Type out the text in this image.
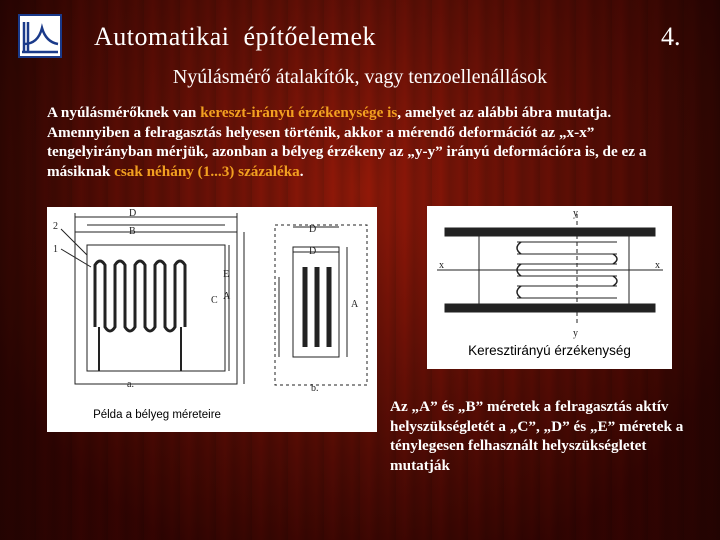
Automatikai  építőelemek	4.
Nyúlásmérő átalakítók, vagy tenzoellenállások
A nyúlásmérőknek van kereszt-irányú érzékenysége is, amelyet az alábbi ábra mutatja. Amennyiben a felragasztás helyesen történik, akkor a mérendő deformációt az „x-x” tengelyirányban mérjük, azonban a bélyeg érzékeny az „y-y” irányú deformációra is, de ez a másiknak csak néhány (1...3) százaléka.
D
B
2
1
D
D
E
A
C	A
a.	b.
Példa a bélyeg méreteire
y
y
x	x
Keresztirányú érzékenység
Az „A” és „B” méretek a felragasztás aktív helyszükségletét a „C”, „D” és „E” méretek a ténylegesen felhasznált helyszükségletet mutatják
